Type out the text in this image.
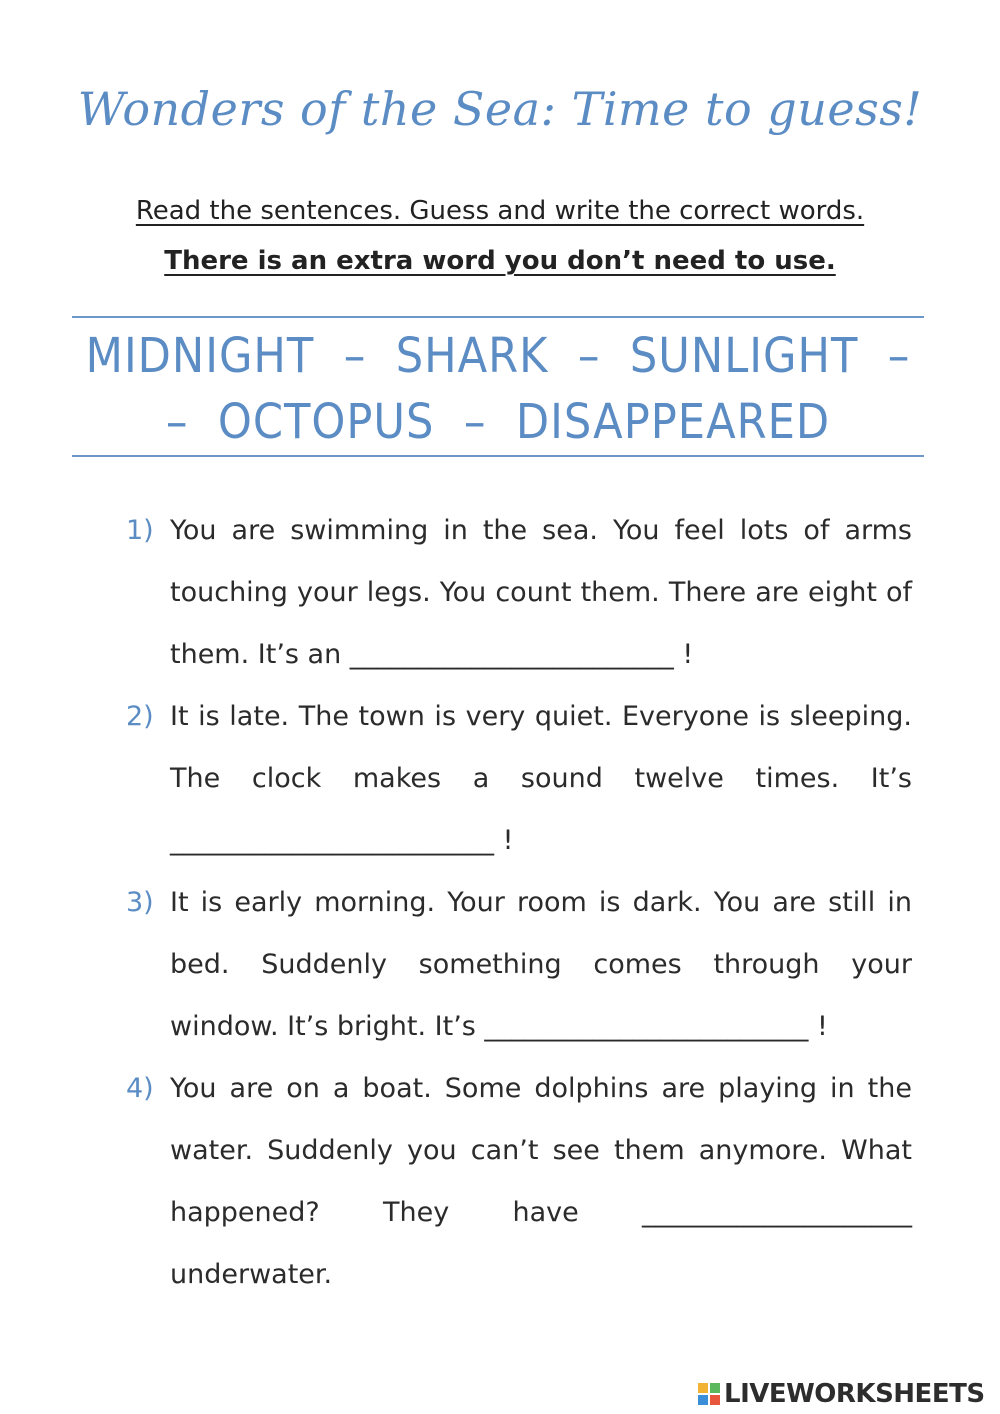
Wonders of the Sea: Time to guess!
Read the sentences. Guess and write the correct words.
There is an extra word you don’t need to use.
MIDNIGHT  –  SHARK  –  SUNLIGHT  –
–  OCTOPUS  –  DISAPPEARED
1) You are swimming in the sea. You feel lots of arms touching your legs. You count them. There are eight of them. It’s an ________________________ !
2) It is late. The town is very quiet. Everyone is sleeping. The clock makes a sound twelve times. It’s ________________________ !
3) It is early morning. Your room is dark. You are still in bed. Suddenly something comes through your window. It’s bright. It’s ________________________ !
4) You are on a boat. Some dolphins are playing in the water. Suddenly you can’t see them anymore. What happened? They have ____________________ underwater.
LIVEWORKSHEETS
